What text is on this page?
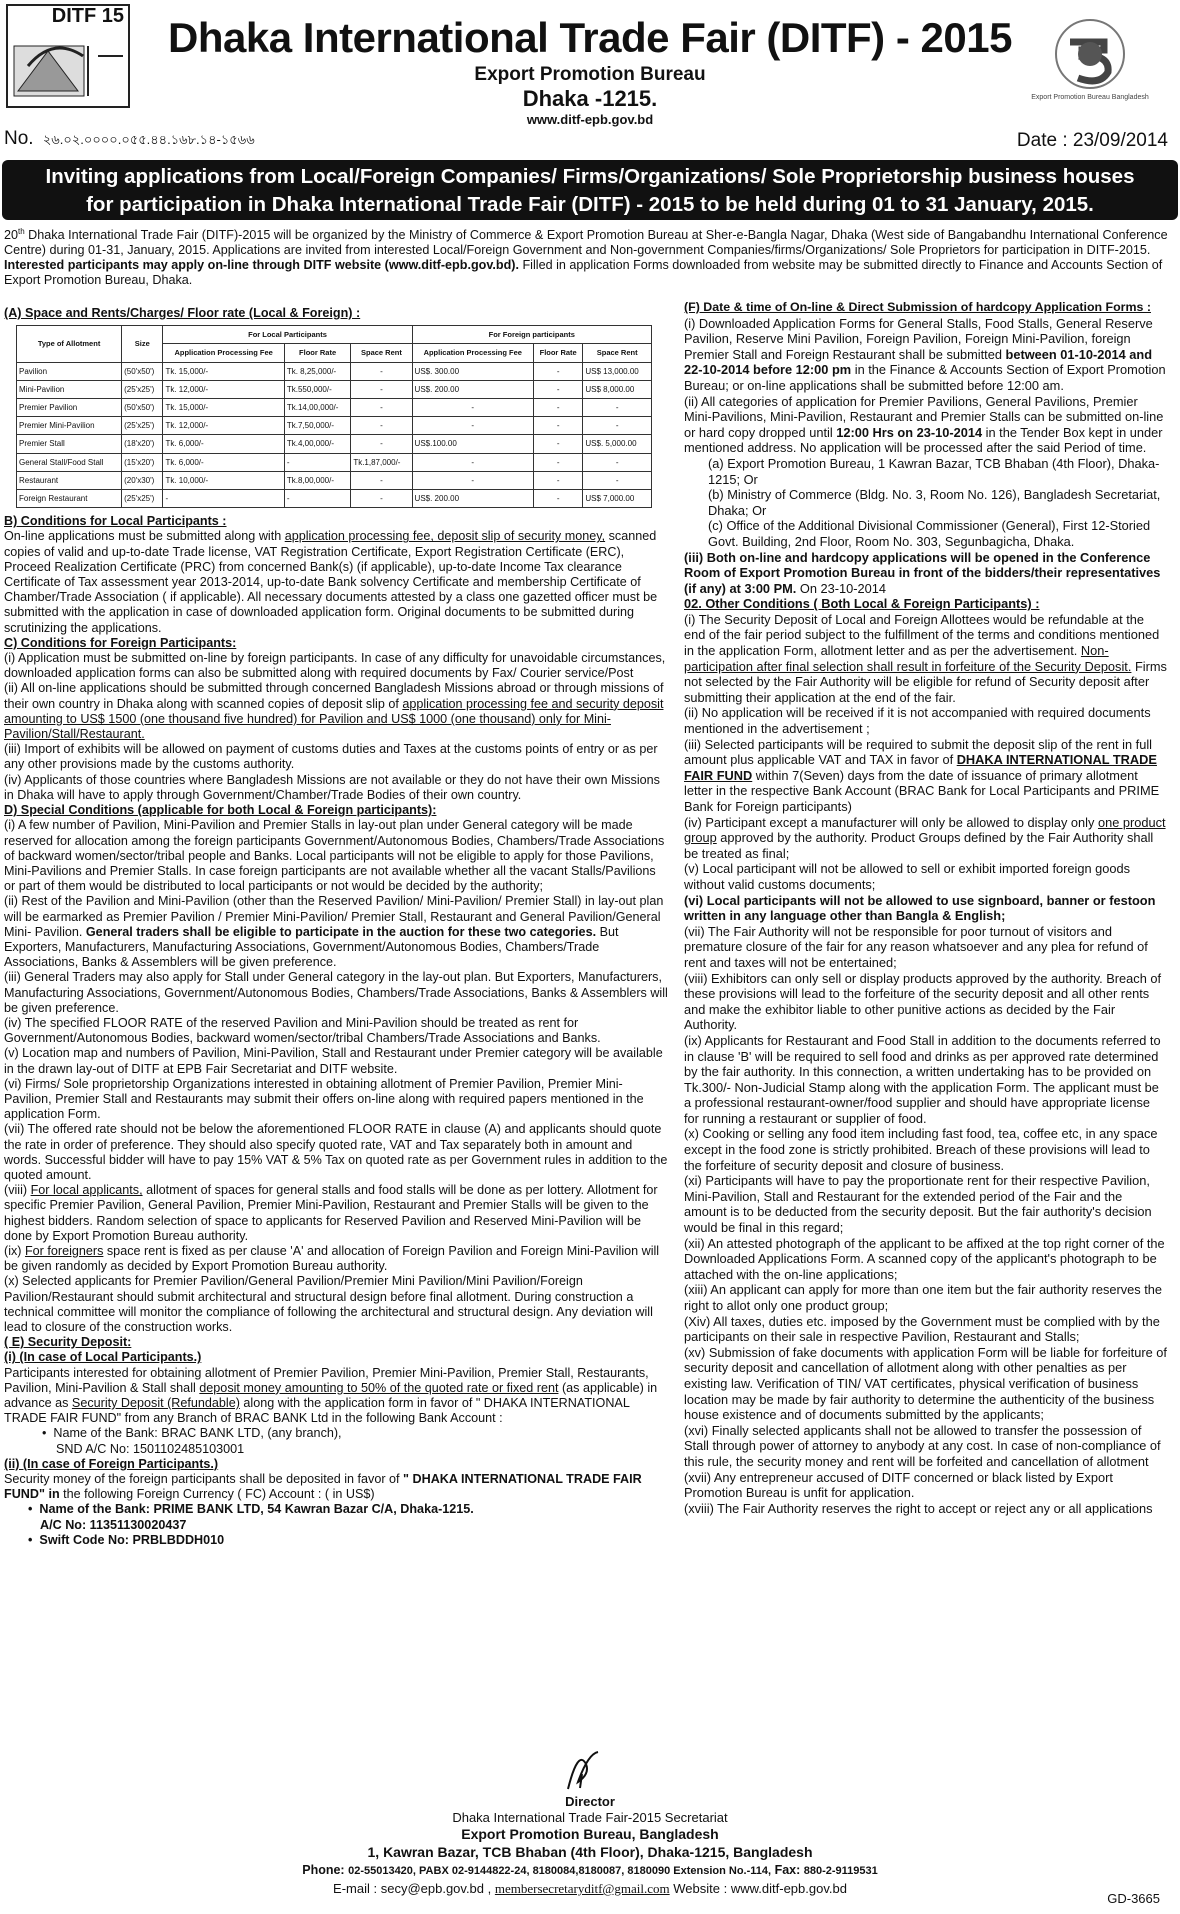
DITF 15	Dhaka International Trade Fair (DITF) - 2015
Export Promotion Bureau
Dhaka -1215.
www.ditf-epb.gov.bd
Export Promotion Bureau Bangladesh
No. ২৬.০২.০০০০.০৫৫.৪৪.১৬৮.১৪-১৫৬৬	Date : 23/09/2014
Inviting applications from Local/Foreign Companies/ Firms/Organizations/ Sole Proprietorship business houses
for participation in Dhaka International Trade Fair (DITF) - 2015 to be held during 01 to 31 January, 2015.
20th Dhaka International Trade Fair (DITF)-2015 will be organized by the Ministry of Commerce & Export Promotion Bureau at Sher-e-Bangla Nagar, Dhaka (West side of Bangabandhu International Conference Centre) during 01-31, January, 2015. Applications are invited from interested Local/Foreign Government and Non-government Companies/firms/Organizations/ Sole Proprietors for participation in DITF-2015. Interested participants may apply on-line through DITF website (www.ditf-epb.gov.bd). Filled in application Forms downloaded from website may be submitted directly to Finance and Accounts Section of Export Promotion Bureau, Dhaka.

(A) Space and Rents/Charges/ Floor rate (Local & Foreign) :

Type of Allotment	Size	For Local Participants			For Foreign participants		
		Application Processing Fee	Floor Rate	Space Rent	Application Processing Fee	Floor Rate	Space Rent
Pavilion	(50'x50')	Tk. 15,000/-	Tk. 8,25,000/-	-	US$. 300.00	-	US$ 13,000.00
Mini-Pavilion	(25'x25')	Tk. 12,000/-	Tk.550,000/-	-	US$. 200.00	-	US$ 8,000.00
Premier Pavilion	(50'x50')	Tk. 15,000/-	Tk.14,00,000/-	-	-	-	-
Premier Mini-Pavilion	(25'x25')	Tk. 12,000/-	Tk.7,50,000/-	-	-	-	-
Premier Stall	(18'x20')	Tk. 6,000/-	Tk.4,00,000/-	-	US$.100.00	-	US$. 5,000.00
General Stall/Food Stall	(15'x20')	Tk. 6,000/-	-	Tk.1,87,000/-	-	-	-
Restaurant	(20'x30')	Tk. 10,000/-	Tk.8,00,000/-	-	-	-	-
Foreign Restaurant	(25'x25')	-	-	-	US$. 200.00	-	US$ 7,000.00

B) Conditions for Local Participants :

On-line applications must be submitted along with application processing fee, deposit slip of security money, scanned copies of valid and up-to-date Trade license, VAT Registration Certificate, Export Registration Certificate (ERC), Proceed Realization Certificate (PRC) from concerned Bank(s) (if applicable), up-to-date Income Tax clearance Certificate of Tax assessment year 2013-2014, up-to-date Bank solvency Certificate and membership Certificate of Chamber/Trade Association ( if applicable). All necessary documents attested by a class one gazetted officer must be submitted with the application in case of downloaded application form. Original documents to be submitted during scrutinizing the applications.

C) Conditions for Foreign Participants:

(i) Application must be submitted on-line by foreign participants. In case of any difficulty for unavoidable circumstances, downloaded application forms can also be submitted along with required documents by Fax/ Courier service/Post

(ii) All on-line applications should be submitted through concerned Bangladesh Missions abroad or through missions of their own country in Dhaka along with scanned copies of deposit slip of application processing fee and security deposit amounting to US$ 1500 (one thousand five hundred) for Pavilion and US$ 1000 (one thousand) only for Mini-Pavilion/Stall/Restaurant.

(iii) Import of exhibits will be allowed on payment of customs duties and Taxes at the customs points of entry or as per any other provisions made by the customs authority.

(iv) Applicants of those countries where Bangladesh Missions are not available or they do not have their own Missions in Dhaka will have to apply through Government/Chamber/Trade Bodies of their own country.

D) Special Conditions (applicable for both Local & Foreign participants):

(i) A few number of Pavilion, Mini-Pavilion and Premier Stalls in lay-out plan under General category will be made reserved for allocation among the foreign participants Government/Autonomous Bodies, Chambers/Trade Associations of backward women/sector/tribal people and Banks. Local participants will not be eligible to apply for those Pavilions, Mini-Pavilions and Premier Stalls. In case foreign participants are not available whether all the vacant Stalls/Pavilions or part of them would be distributed to local participants or not would be decided by the authority;

(ii) Rest of the Pavilion and Mini-Pavilion (other than the Reserved Pavilion/ Mini-Pavilion/ Premier Stall) in lay-out plan will be earmarked as Premier Pavilion / Premier Mini-Pavilion/ Premier Stall, Restaurant and General Pavilion/General Mini- Pavilion. General traders shall be eligible to participate in the auction for these two categories. But Exporters, Manufacturers, Manufacturing Associations, Government/Autonomous Bodies, Chambers/Trade Associations, Banks & Assemblers will be given preference.

(iii) General Traders may also apply for Stall under General category in the lay-out plan. But Exporters, Manufacturers, Manufacturing Associations, Government/Autonomous Bodies, Chambers/Trade Associations, Banks & Assemblers will be given preference.

(iv) The specified FLOOR RATE of the reserved Pavilion and Mini-Pavilion should be treated as rent for Government/Autonomous Bodies, backward women/sector/tribal Chambers/Trade Associations and Banks.

(v) Location map and numbers of Pavilion, Mini-Pavilion, Stall and Restaurant under Premier category will be available in the drawn lay-out of DITF at EPB Fair Secretariat and DITF website.

(vi) Firms/ Sole proprietorship Organizations interested in obtaining allotment of Premier Pavilion, Premier Mini-Pavilion, Premier Stall and Restaurants may submit their offers on-line along with required papers mentioned in the application Form.

(vii) The offered rate should not be below the aforementioned FLOOR RATE in clause (A) and applicants should quote the rate in order of preference. They should also specify quoted rate, VAT and Tax separately both in amount and words. Successful bidder will have to pay 15% VAT & 5% Tax on quoted rate as per Government rules in addition to the quoted amount.

(viii) For local applicants, allotment of spaces for general stalls and food stalls will be done as per lottery. Allotment for specific Premier Pavilion, General Pavilion, Premier Mini-Pavilion, Restaurant and Premier Stalls will be given to the highest bidders. Random selection of space to applicants for Reserved Pavilion and Reserved Mini-Pavilion will be done by Export Promotion Bureau authority.

(ix) For foreigners space rent is fixed as per clause 'A' and allocation of Foreign Pavilion and Foreign Mini-Pavilion will be given randomly as decided by Export Promotion Bureau authority.

(x) Selected applicants for Premier Pavilion/General Pavilion/Premier Mini Pavilion/Mini Pavilion/Foreign Pavilion/Restaurant should submit architectural and structural design before final allotment. During construction a technical committee will monitor the compliance of following the architectural and structural design. Any deviation will lead to closure of the construction works.

( E) Security Deposit:

(i) (In case of Local Participants.)

Participants interested for obtaining allotment of Premier Pavilion, Premier Mini-Pavilion, Premier Stall, Restaurants, Pavilion, Mini-Pavilion & Stall shall deposit money amounting to 50% of the quoted rate or fixed rent (as applicable) in advance as Security Deposit (Refundable) along with the application form in favor of " DHAKA INTERNATIONAL TRADE FAIR FUND" from any Branch of BRAC BANK Ltd in the following Bank Account :

•  Name of the Bank: BRAC BANK LTD, (any branch),

SND A/C No: 1501102485103001

(ii) (In case of Foreign Participants.)

Security money of the foreign participants shall be deposited in favor of " DHAKA INTERNATIONAL TRADE FAIR FUND" in the following Foreign Currency ( FC) Account : ( in US$)

•  Name of the Bank: PRIME BANK LTD, 54 Kawran Bazar C/A, Dhaka-1215.

A/C No: 11351130020437

•  Swift Code No: PRBLBDDH010

(F) Date & time of On-line & Direct Submission of hardcopy Application Forms :

(i) Downloaded Application Forms for General Stalls, Food Stalls, General Reserve Pavilion, Reserve Mini Pavilion, Foreign Pavilion, Foreign Mini-Pavilion, foreign Premier Stall and Foreign Restaurant shall be submitted between 01-10-2014 and 22-10-2014 before 12:00 pm in the Finance & Accounts Section of Export Promotion Bureau; or on-line applications shall be submitted before 12:00 am.

(ii) All categories of application for Premier Pavilions, General Pavilions, Premier Mini-Pavilions, Mini-Pavilion, Restaurant and Premier Stalls can be submitted on-line or hard copy dropped until 12:00 Hrs on 23-10-2014 in the Tender Box kept in under mentioned address. No application will be processed after the said Period of time.

(a) Export Promotion Bureau, 1 Kawran Bazar, TCB Bhaban (4th Floor), Dhaka-1215; Or

(b) Ministry of Commerce (Bldg. No. 3, Room No. 126), Bangladesh Secretariat, Dhaka; Or

(c) Office of the Additional Divisional Commissioner (General), First 12-Storied Govt. Building, 2nd Floor, Room No. 303, Segunbagicha, Dhaka.

(iii) Both on-line and hardcopy applications will be opened in the Conference Room of Export Promotion Bureau in front of the bidders/their representatives (if any) at 3:00 PM. On 23-10-2014

02. Other Conditions ( Both Local & Foreign Participants) :

(i) The Security Deposit of Local and Foreign Allottees would be refundable at the end of the fair period subject to the fulfillment of the terms and conditions mentioned in the application Form, allotment letter and as per the advertisement. Non-participation after final selection shall result in forfeiture of the Security Deposit. Firms not selected by the Fair Authority will be eligible for refund of Security deposit after submitting their application at the end of the fair.

(ii) No application will be received if it is not accompanied with required documents mentioned in the advertisement ;

(iii) Selected participants will be required to submit the deposit slip of the rent in full amount plus applicable VAT and TAX in favor of DHAKA INTERNATIONAL TRADE FAIR FUND within 7(Seven) days from the date of issuance of primary allotment letter in the respective Bank Account (BRAC Bank for Local Participants and PRIME Bank for Foreign participants)

(iv) Participant except a manufacturer will only be allowed to display only one product group approved by the authority. Product Groups defined by the Fair Authority shall be treated as final;

(v) Local participant will not be allowed to sell or exhibit imported foreign goods without valid customs documents;

(vi) Local participants will not be allowed to use signboard, banner or festoon written in any language other than Bangla & English;

(vii) The Fair Authority will not be responsible for poor turnout of visitors and premature closure of the fair for any reason whatsoever and any plea for refund of rent and taxes will not be entertained;

(viii) Exhibitors can only sell or display products approved by the authority. Breach of these provisions will lead to the forfeiture of the security deposit and all other rents and make the exhibitor liable to other punitive actions as decided by the Fair Authority.

(ix) Applicants for Restaurant and Food Stall in addition to the documents referred to in clause 'B' will be required to sell food and drinks as per approved rate determined by the fair authority. In this connection, a written undertaking has to be provided on Tk.300/- Non-Judicial Stamp along with the application Form. The applicant must be a professional restaurant-owner/food supplier and should have appropriate license for running a restaurant or supplier of food.

(x) Cooking or selling any food item including fast food, tea, coffee etc, in any space except in the food zone is strictly prohibited. Breach of these provisions will lead to the forfeiture of security deposit and closure of business.

(xi) Participants will have to pay the proportionate rent for their respective Pavilion, Mini-Pavilion, Stall and Restaurant for the extended period of the Fair and the amount is to be deducted from the security deposit. But the fair authority's decision would be final in this regard;

(xii) An attested photograph of the applicant to be affixed at the top right corner of the Downloaded Applications Form. A scanned copy of the applicant's photograph to be attached with the on-line applications;

(xiii) An applicant can apply for more than one item but the fair authority reserves the right to allot only one product group;

(Xiv) All taxes, duties etc. imposed by the Government must be complied with by the participants on their sale in respective Pavilion, Restaurant and Stalls;

(xv) Submission of fake documents with application Form will be liable for forfeiture of security deposit and cancellation of allotment along with other penalties as per existing law. Verification of TIN/ VAT certificates, physical verification of business location may be made by fair authority to determine the authenticity of the business house existence and of documents submitted by the applicants;

(xvi) Finally selected applicants shall not be allowed to transfer the possession of Stall through power of attorney to anybody at any cost. In case of non-compliance of this rule, the security money and rent will be forfeited and cancellation of allotment

(xvii) Any entrepreneur accused of DITF concerned or black listed by Export Promotion Bureau is unfit for application.

(xviii) The Fair Authority reserves the right to accept or reject any or all applications

Director
Dhaka International Trade Fair-2015 Secretariat
Export Promotion Bureau, Bangladesh
1, Kawran Bazar, TCB Bhaban (4th Floor), Dhaka-1215, Bangladesh
Phone: 02-55013420, PABX 02-9144822-24, 8180084,8180087, 8180090 Extension No.-114, Fax: 880-2-9119531
E-mail : secy@epb.gov.bd , membersecretaryditf@gmail.com Website : www.ditf-epb.gov.bd
GD-3665
